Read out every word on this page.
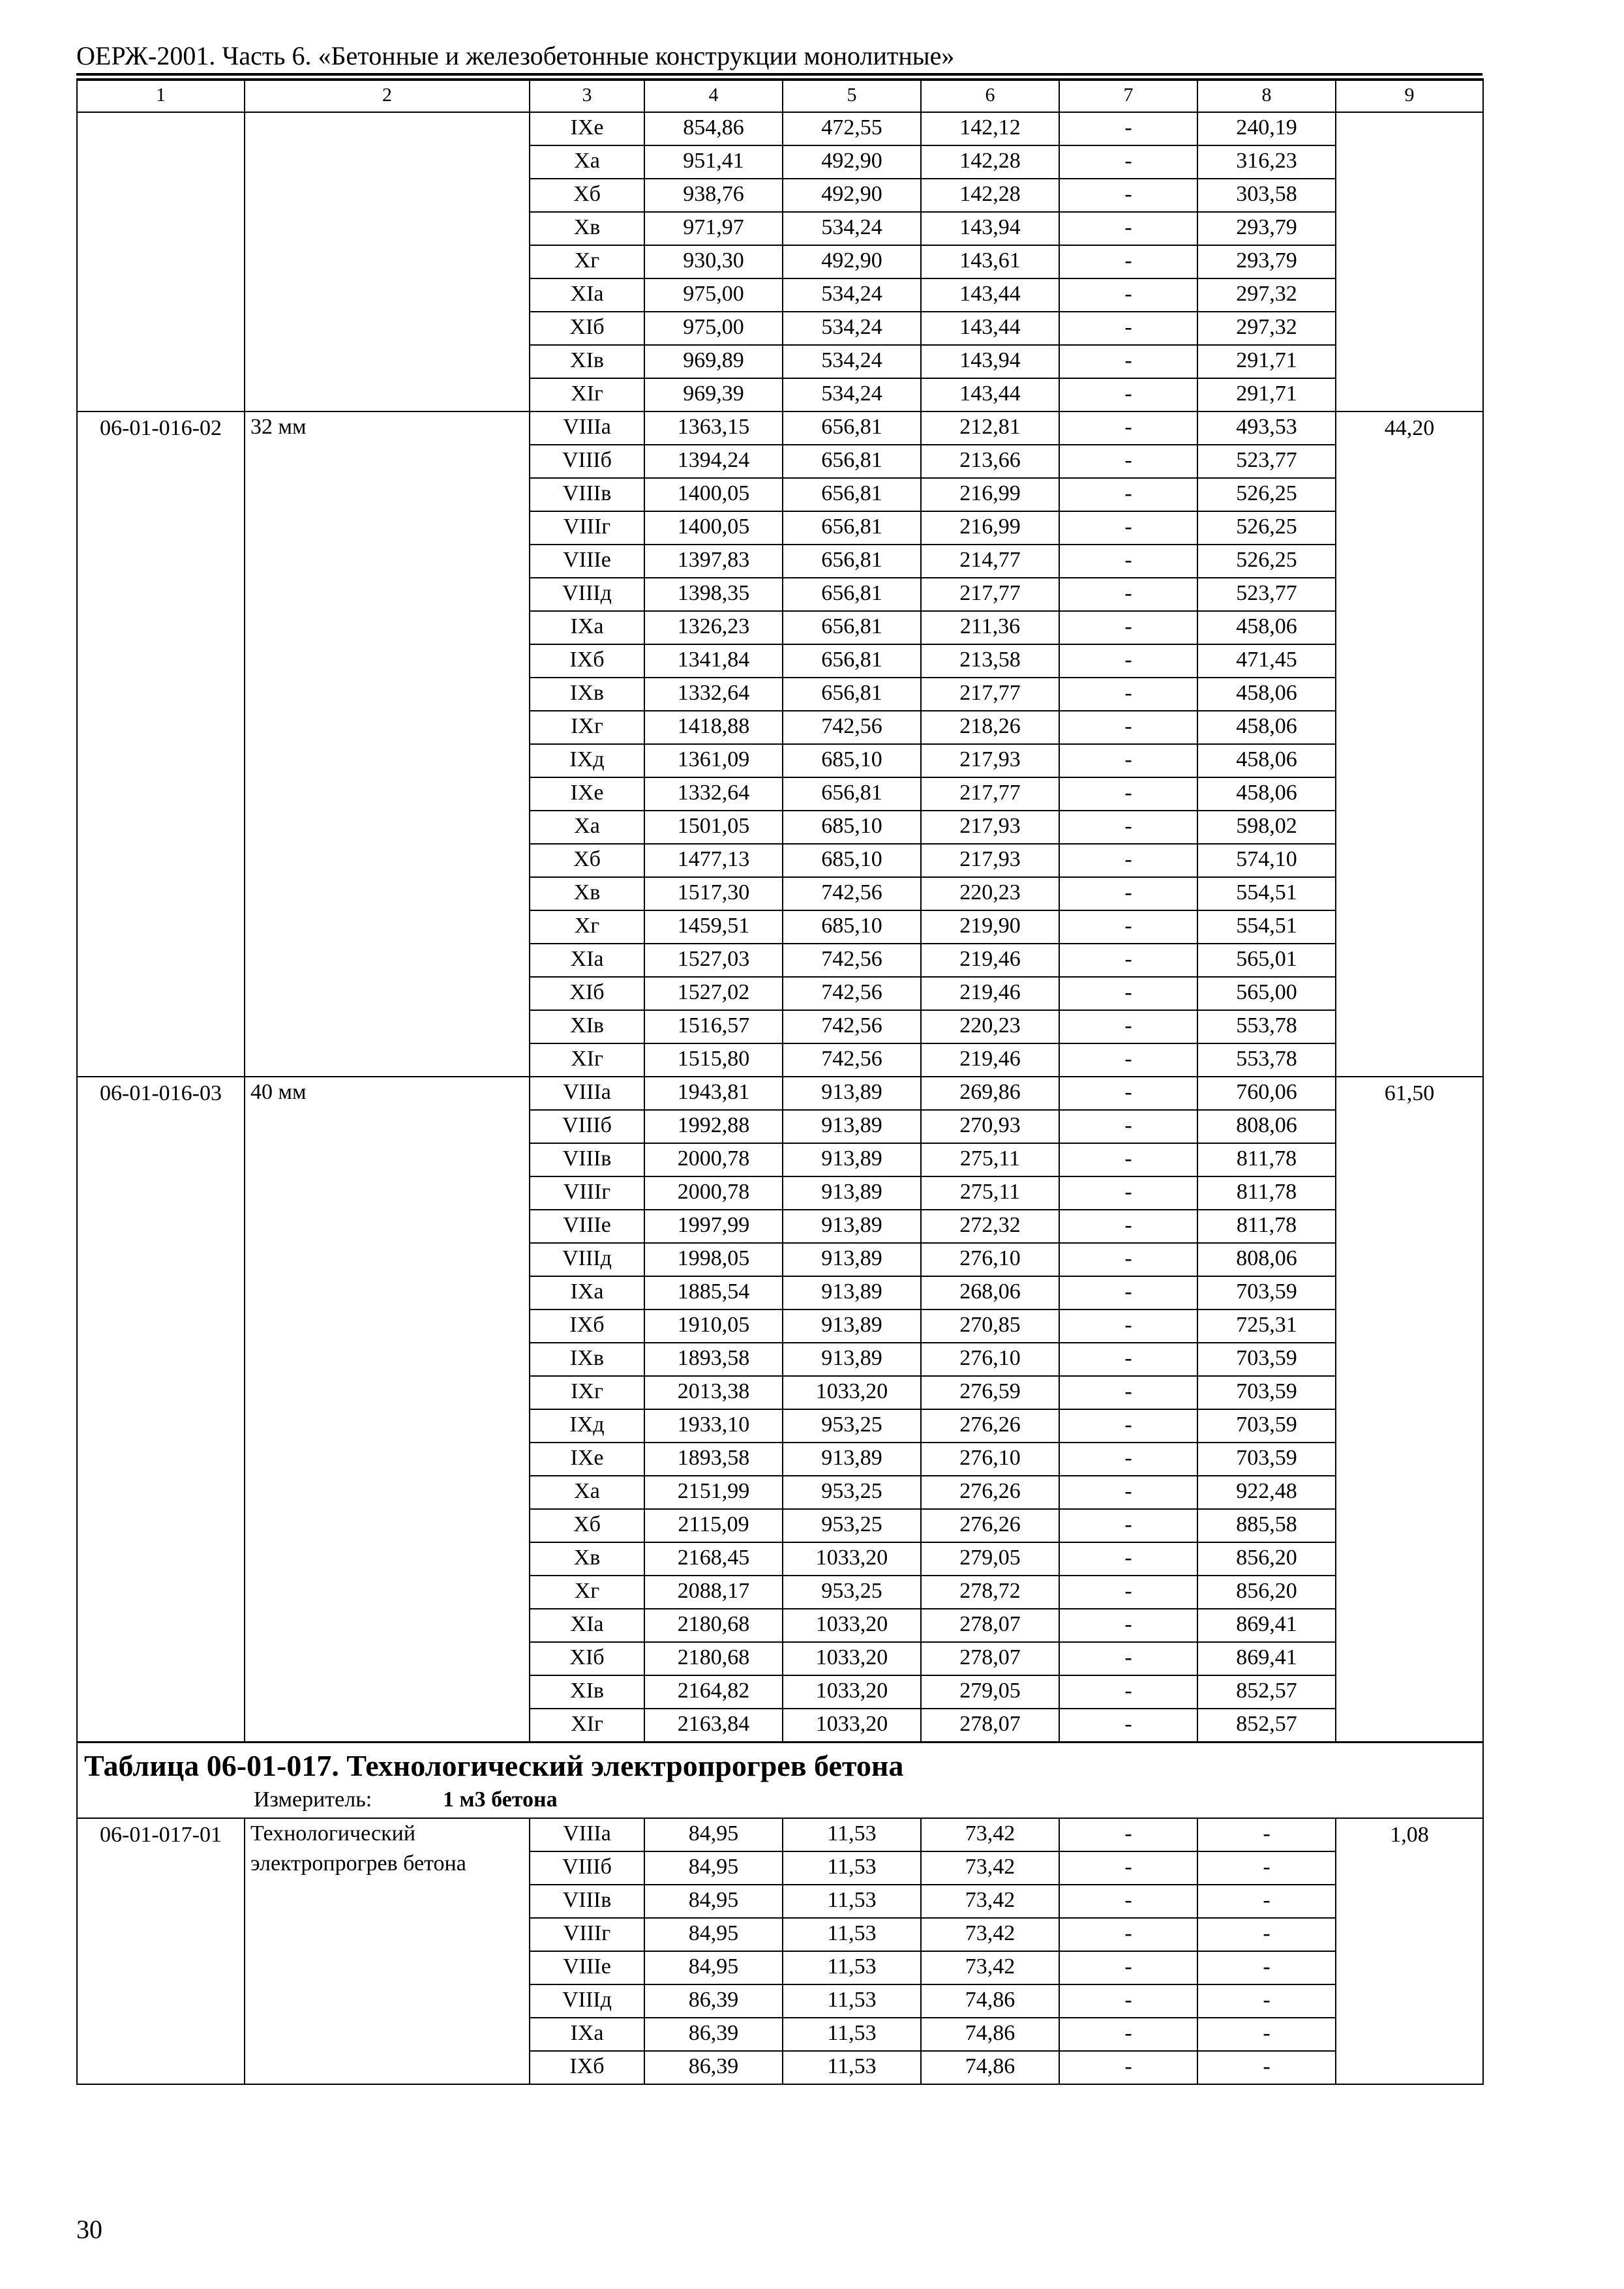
ОЕРЖ-2001. Часть 6. «Бетонные и железобетонные конструкции монолитные»
1	2	3	4	5	6	7	8	9
		IXe	854,86	472,55	142,12	-	240,19	
		Xa	951,41	492,90	142,28	-	316,23	
		Xб	938,76	492,90	142,28	-	303,58	
		Xв	971,97	534,24	143,94	-	293,79	
		Xг	930,30	492,90	143,61	-	293,79	
		XIa	975,00	534,24	143,44	-	297,32	
		XIб	975,00	534,24	143,44	-	297,32	
		XIв	969,89	534,24	143,94	-	291,71	
		XIг	969,39	534,24	143,44	-	291,71	
06-01-016-02	32 мм	VIIIa	1363,15	656,81	212,81	-	493,53	44,20
		VIIIб	1394,24	656,81	213,66	-	523,77	
		VIIIв	1400,05	656,81	216,99	-	526,25	
		VIIIг	1400,05	656,81	216,99	-	526,25	
		VIIIe	1397,83	656,81	214,77	-	526,25	
		VIIIд	1398,35	656,81	217,77	-	523,77	
		IXa	1326,23	656,81	211,36	-	458,06	
		IXб	1341,84	656,81	213,58	-	471,45	
		IXв	1332,64	656,81	217,77	-	458,06	
		IXг	1418,88	742,56	218,26	-	458,06	
		IXд	1361,09	685,10	217,93	-	458,06	
		IXe	1332,64	656,81	217,77	-	458,06	
		Xa	1501,05	685,10	217,93	-	598,02	
		Xб	1477,13	685,10	217,93	-	574,10	
		Xв	1517,30	742,56	220,23	-	554,51	
		Xг	1459,51	685,10	219,90	-	554,51	
		XIa	1527,03	742,56	219,46	-	565,01	
		XIб	1527,02	742,56	219,46	-	565,00	
		XIв	1516,57	742,56	220,23	-	553,78	
		XIг	1515,80	742,56	219,46	-	553,78	
06-01-016-03	40 мм	VIIIa	1943,81	913,89	269,86	-	760,06	61,50
		VIIIб	1992,88	913,89	270,93	-	808,06	
		VIIIв	2000,78	913,89	275,11	-	811,78	
		VIIIг	2000,78	913,89	275,11	-	811,78	
		VIIIe	1997,99	913,89	272,32	-	811,78	
		VIIIд	1998,05	913,89	276,10	-	808,06	
		IXa	1885,54	913,89	268,06	-	703,59	
		IXб	1910,05	913,89	270,85	-	725,31	
		IXв	1893,58	913,89	276,10	-	703,59	
		IXг	2013,38	1033,20	276,59	-	703,59	
		IXд	1933,10	953,25	276,26	-	703,59	
		IXe	1893,58	913,89	276,10	-	703,59	
		Xa	2151,99	953,25	276,26	-	922,48	
		Xб	2115,09	953,25	276,26	-	885,58	
		Xв	2168,45	1033,20	279,05	-	856,20	
		Xг	2088,17	953,25	278,72	-	856,20	
		XIa	2180,68	1033,20	278,07	-	869,41	
		XIб	2180,68	1033,20	278,07	-	869,41	
		XIв	2164,82	1033,20	279,05	-	852,57	
		XIг	2163,84	1033,20	278,07	-	852,57	

Таблица 06-01-017. Технологический электропрогрев бетона
Измеритель: 1 м3 бетона								

06-01-017-01	Технологический электропрогрев бетона	VIIIa	84,95	11,53	73,42	-	-	1,08
		VIIIб	84,95	11,53	73,42	-	-	
		VIIIв	84,95	11,53	73,42	-	-	
		VIIIг	84,95	11,53	73,42	-	-	
		VIIIe	84,95	11,53	73,42	-	-	
		VIIIд	86,39	11,53	74,86	-	-	
		IXa	86,39	11,53	74,86	-	-	
		IXб	86,39	11,53	74,86	-	-	
30
